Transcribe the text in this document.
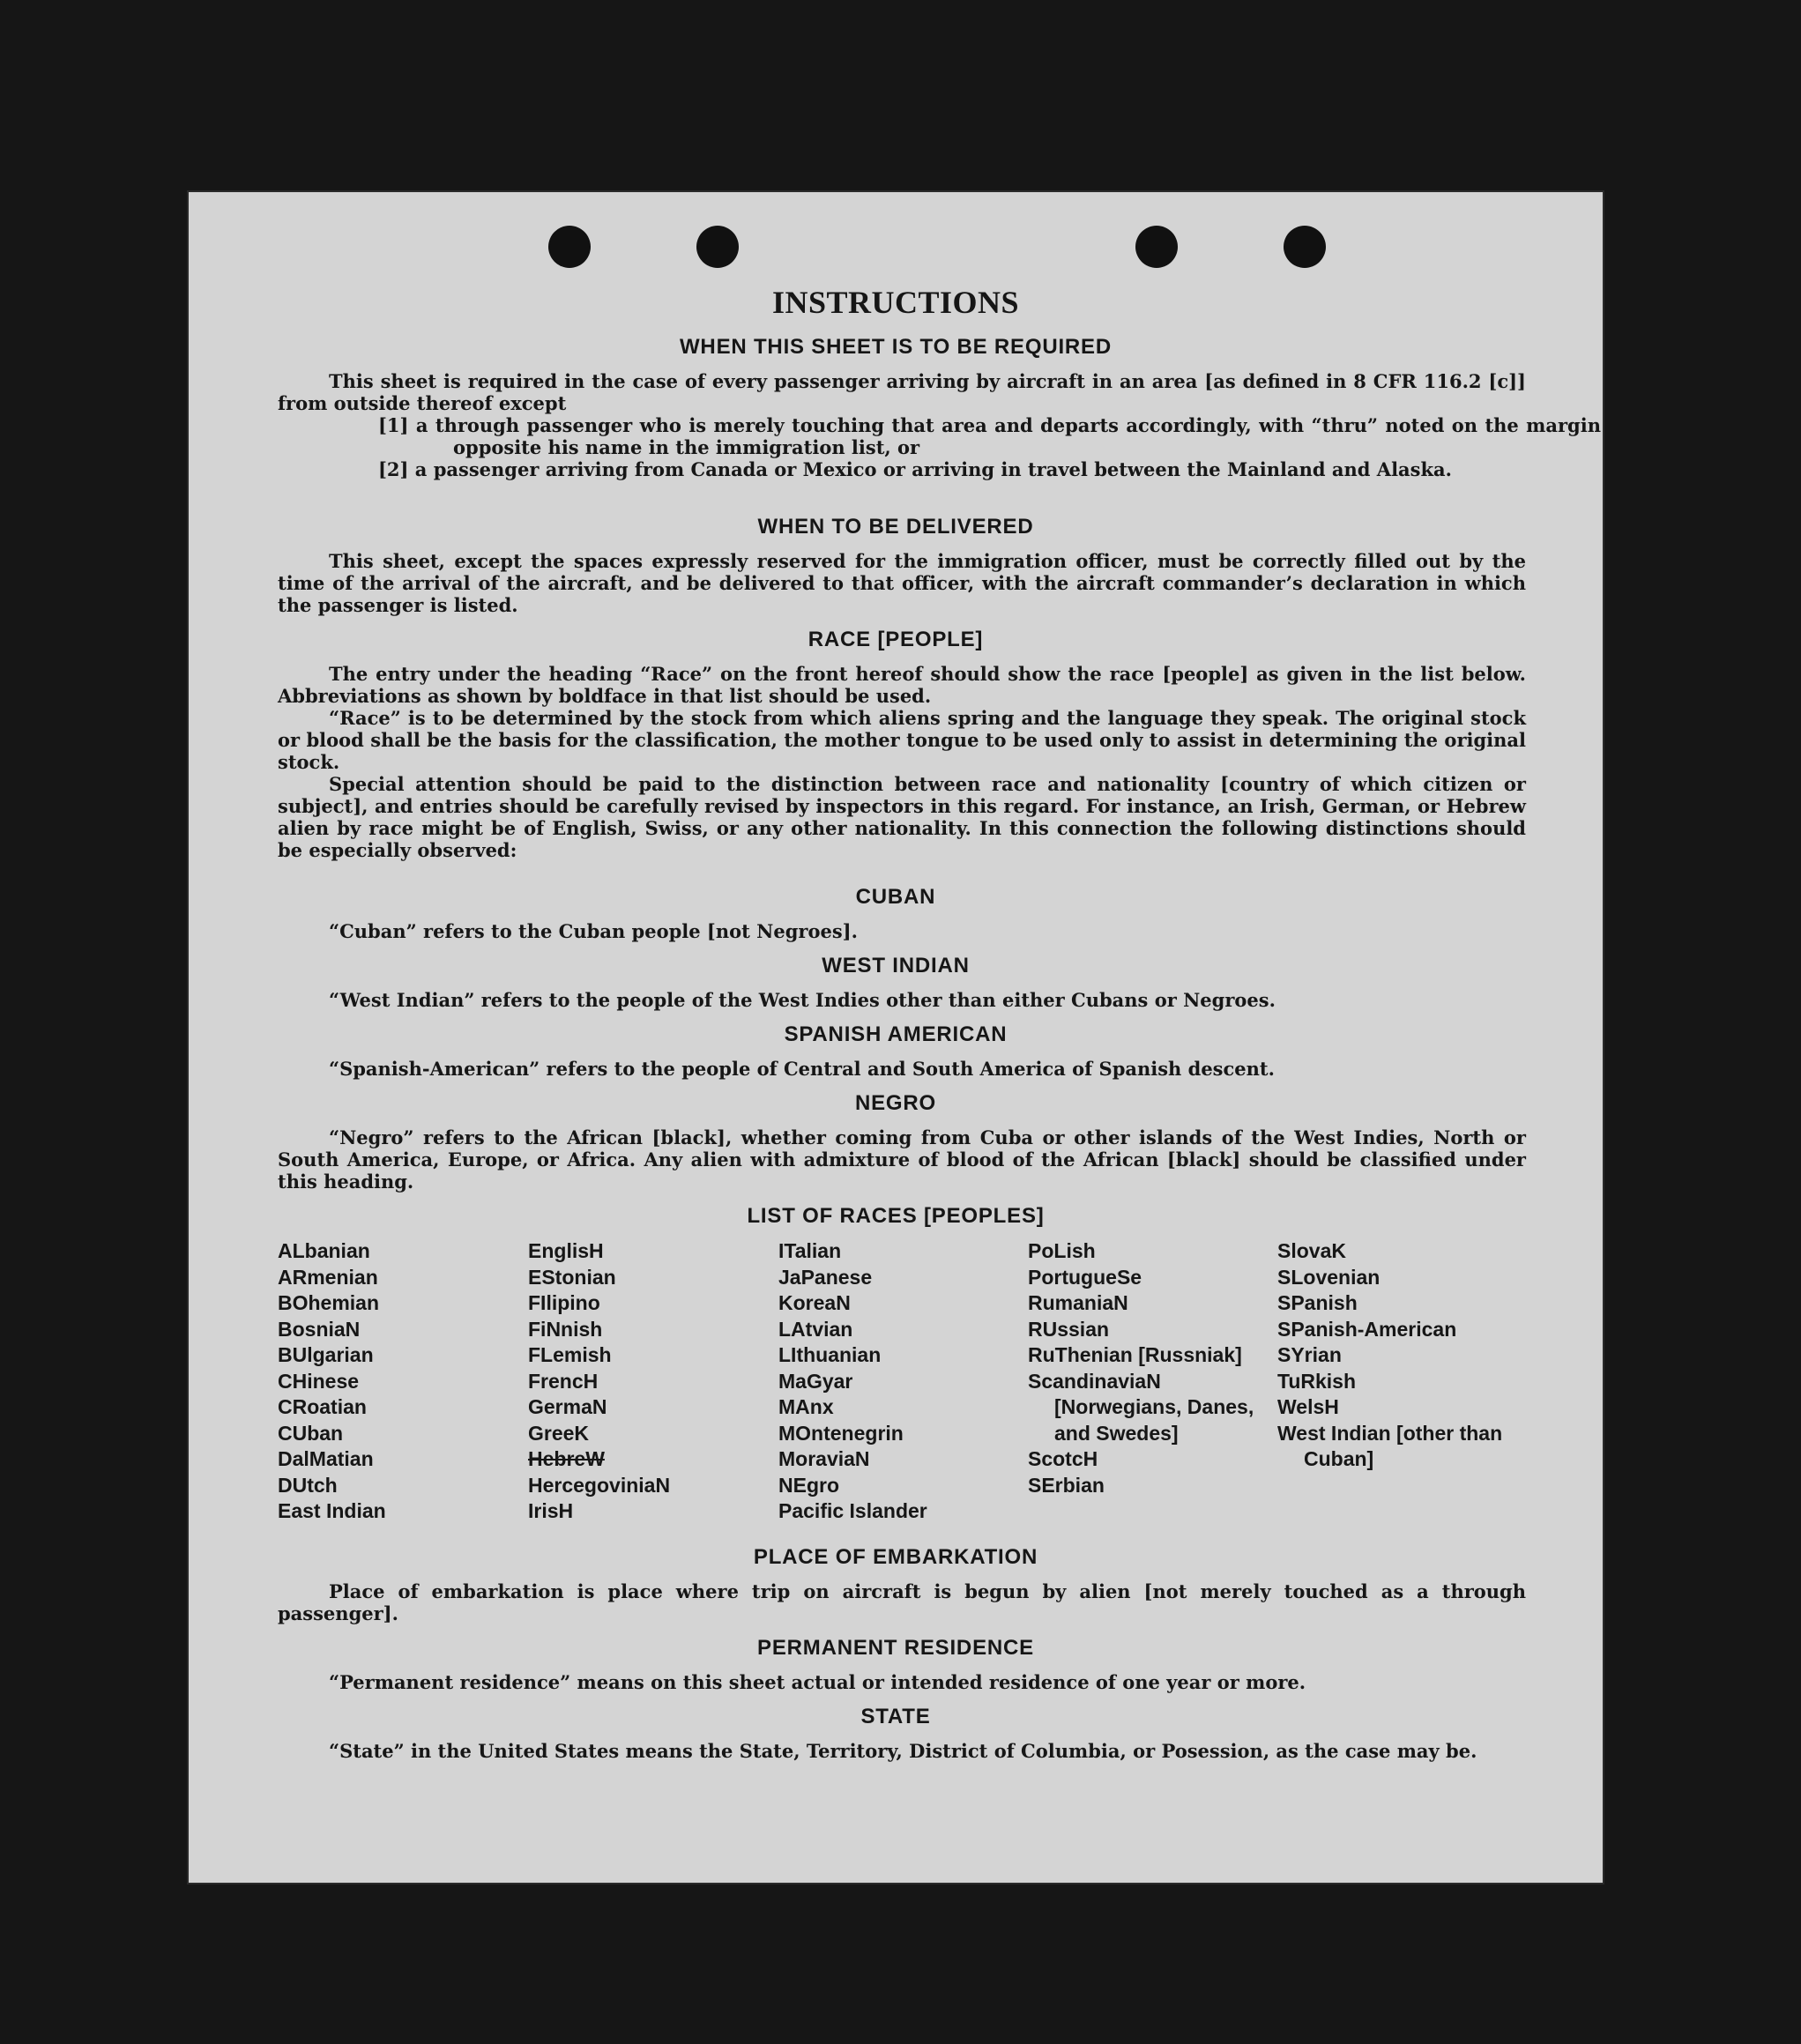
INSTRUCTIONS
WHEN THIS SHEET IS TO BE REQUIRED
This sheet is required in the case of every passenger arriving by aircraft in an area [as defined in 8 CFR 116.2 [c]] from outside thereof except
[1] a through passenger who is merely touching that area and departs accordingly, with “thru” noted on the margin opposite his name in the immigration list, or
[2] a passenger arriving from Canada or Mexico or arriving in travel between the Mainland and Alaska.
WHEN TO BE DELIVERED
This sheet, except the spaces expressly reserved for the immigration officer, must be correctly filled out by the time of the arrival of the aircraft, and be delivered to that officer, with the aircraft commander’s declaration in which the passenger is listed.
RACE [PEOPLE]
The entry under the heading “Race” on the front hereof should show the race [people] as given in the list below. Abbreviations as shown by boldface in that list should be used.
“Race” is to be determined by the stock from which aliens spring and the language they speak. The original stock or blood shall be the basis for the classification, the mother tongue to be used only to assist in determining the original stock.
Special attention should be paid to the distinction between race and nationality [country of which citizen or subject], and entries should be carefully revised by inspectors in this regard. For instance, an Irish, German, or Hebrew alien by race might be of English, Swiss, or any other nationality. In this connection the following distinctions should be especially observed:
CUBAN
“Cuban” refers to the Cuban people [not Negroes].
WEST INDIAN
“West Indian” refers to the people of the West Indies other than either Cubans or Negroes.
SPANISH AMERICAN
“Spanish-American” refers to the people of Central and South America of Spanish descent.
NEGRO
“Negro” refers to the African [black], whether coming from Cuba or other islands of the West Indies, North or South America, Europe, or Africa. Any alien with admixture of blood of the African [black] should be classified under this heading.
LIST OF RACES [PEOPLES]
ALbanian
ARmenian
BOhemian
BosniaN
BUlgarian
CHinese
CRoatian
CUban
DalMatian
DUtch
East Indian
EnglisH
EStonian
FIlipino
FiNnish
FLemish
FrencH
GermaN
GreeK
HebreW
HercegoviniaN
IrisH
ITalian
JaPanese
KoreaN
LAtvian
LIthuanian
MaGyar
MAnx
MOntenegrin
MoraviaN
NEgro
Pacific Islander
PoLish
PortugueSe
RumaniaN
RUssian
RuThenian [Russniak]
ScandinaviaN [Norwegians, Danes, and Swedes]
ScotcH
SErbian
SlovaK
SLovenian
SPanish
SPanish-American
SYrian
TuRkish
WelsH
West Indian [other than Cuban]
PLACE OF EMBARKATION
Place of embarkation is place where trip on aircraft is begun by alien [not merely touched as a through passenger].
PERMANENT RESIDENCE
“Permanent residence” means on this sheet actual or intended residence of one year or more.
STATE
“State” in the United States means the State, Territory, District of Columbia, or Posession, as the case may be.
